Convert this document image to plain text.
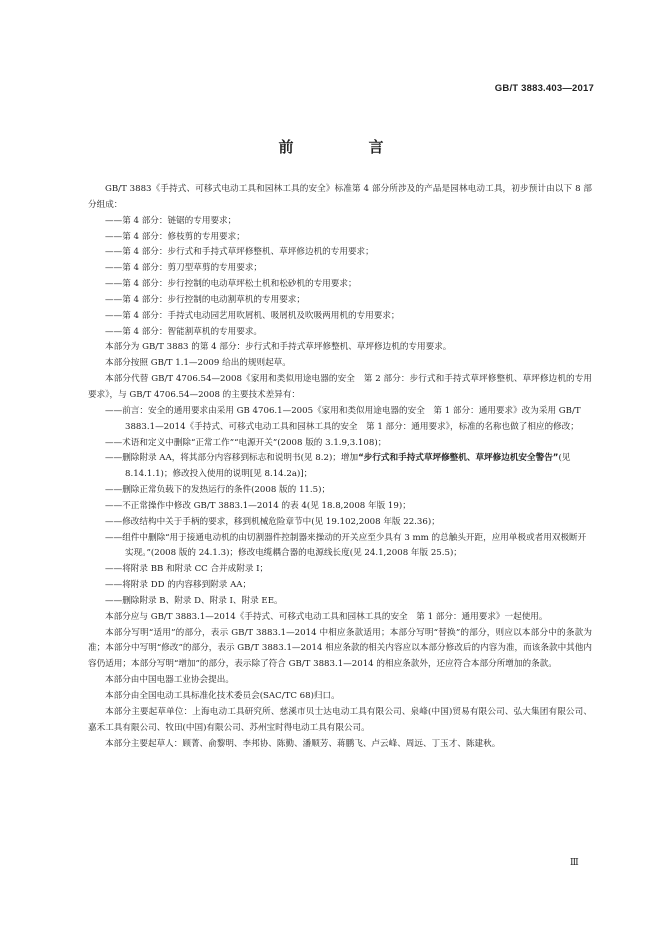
GB/T 3883.403—2017
前　言

GB/T 3883《手持式、可移式电动工具和园林工具的安全》标准第 4 部分所涉及的产品是园林电动工具，初步预计由以下 8 部分组成：

——第 4 部分：链锯的专用要求；

——第 4 部分：修枝剪的专用要求；

——第 4 部分：步行式和手持式草坪修整机、草坪修边机的专用要求；

——第 4 部分：剪刀型草剪的专用要求；

——第 4 部分：步行控制的电动草坪松土机和松砂机的专用要求；

——第 4 部分：步行控制的电动割草机的专用要求；

——第 4 部分：手持式电动园艺用吹屑机、吸屑机及吹吸两用机的专用要求；

——第 4 部分：智能割草机的专用要求。

本部分为 GB/T 3883 的第 4 部分：步行式和手持式草坪修整机、草坪修边机的专用要求。

本部分按照 GB/T 1.1—2009 给出的规则起草。

本部分代替 GB/T 4706.54—2008《家用和类似用途电器的安全　第 2 部分：步行式和手持式草坪修整机、草坪修边机的专用要求》，与 GB/T 4706.54—2008 的主要技术差异有：

——前言：安全的通用要求由采用 GB 4706.1—2005《家用和类似用途电器的安全　第 1 部分：通用要求》改为采用 GB/T 3883.1—2014《手持式、可移式电动工具和园林工具的安全　第 1 部分：通用要求》，标准的名称也做了相应的修改；

——术语和定义中删除“正常工作”“电源开关”(2008 版的 3.1.9,3.108)；

——删除附录 AA，将其部分内容移到标志和说明书(见 8.2)；增加“步行式和手持式草坪修整机、草坪修边机安全警告”(见 8.14.1.1)；修改投入使用的说明[见 8.14.2a)]；

——删除正常负载下的发热运行的条件(2008 版的 11.5)；

——不正常操作中修改 GB/T 3883.1—2014 的表 4(见 18.8,2008 年版 19)；

——修改结构中关于手柄的要求，移到机械危险章节中(见 19.102,2008 年版 22.36)；

——组件中删除“用于接通电动机的由切割器件控制器来操动的开关应至少具有 3 mm 的总触头开距，应用单极或者用双极断开实现。”(2008 版的 24.1.3)；修改电缆耦合器的电源线长度(见 24.1,2008 年版 25.5)；

——将附录 BB 和附录 CC 合并成附录 I；

——将附录 DD 的内容移到附录 AA；

——删除附录 B、附录 D、附录 I、附录 EE。

本部分应与 GB/T 3883.1—2014《手持式、可移式电动工具和园林工具的安全　第 1 部分：通用要求》一起使用。

本部分写明“适用”的部分，表示 GB/T 3883.1—2014 中相应条款适用；本部分写明“替换”的部分，则应以本部分中的条款为准；本部分中写明“修改”的部分，表示 GB/T 3883.1—2014 相应条款的相关内容应以本部分修改后的内容为准，而该条款中其他内容仍适用；本部分写明“增加”的部分，表示除了符合 GB/T 3883.1—2014 的相应条款外，还应符合本部分所增加的条款。

本部分由中国电器工业协会提出。

本部分由全国电动工具标准化技术委员会(SAC/TC 68)归口。

本部分主要起草单位：上海电动工具研究所、慈溪市贝士达电动工具有限公司、泉峰(中国)贸易有限公司、弘大集团有限公司、嘉禾工具有限公司、牧田(中国)有限公司、苏州宝时得电动工具有限公司。

本部分主要起草人：顾菁、俞黎明、李邦协、陈勤、潘顺芳、蒋鹏飞、卢云峰、周远、丁玉才、陈建秋。

Ⅲ
